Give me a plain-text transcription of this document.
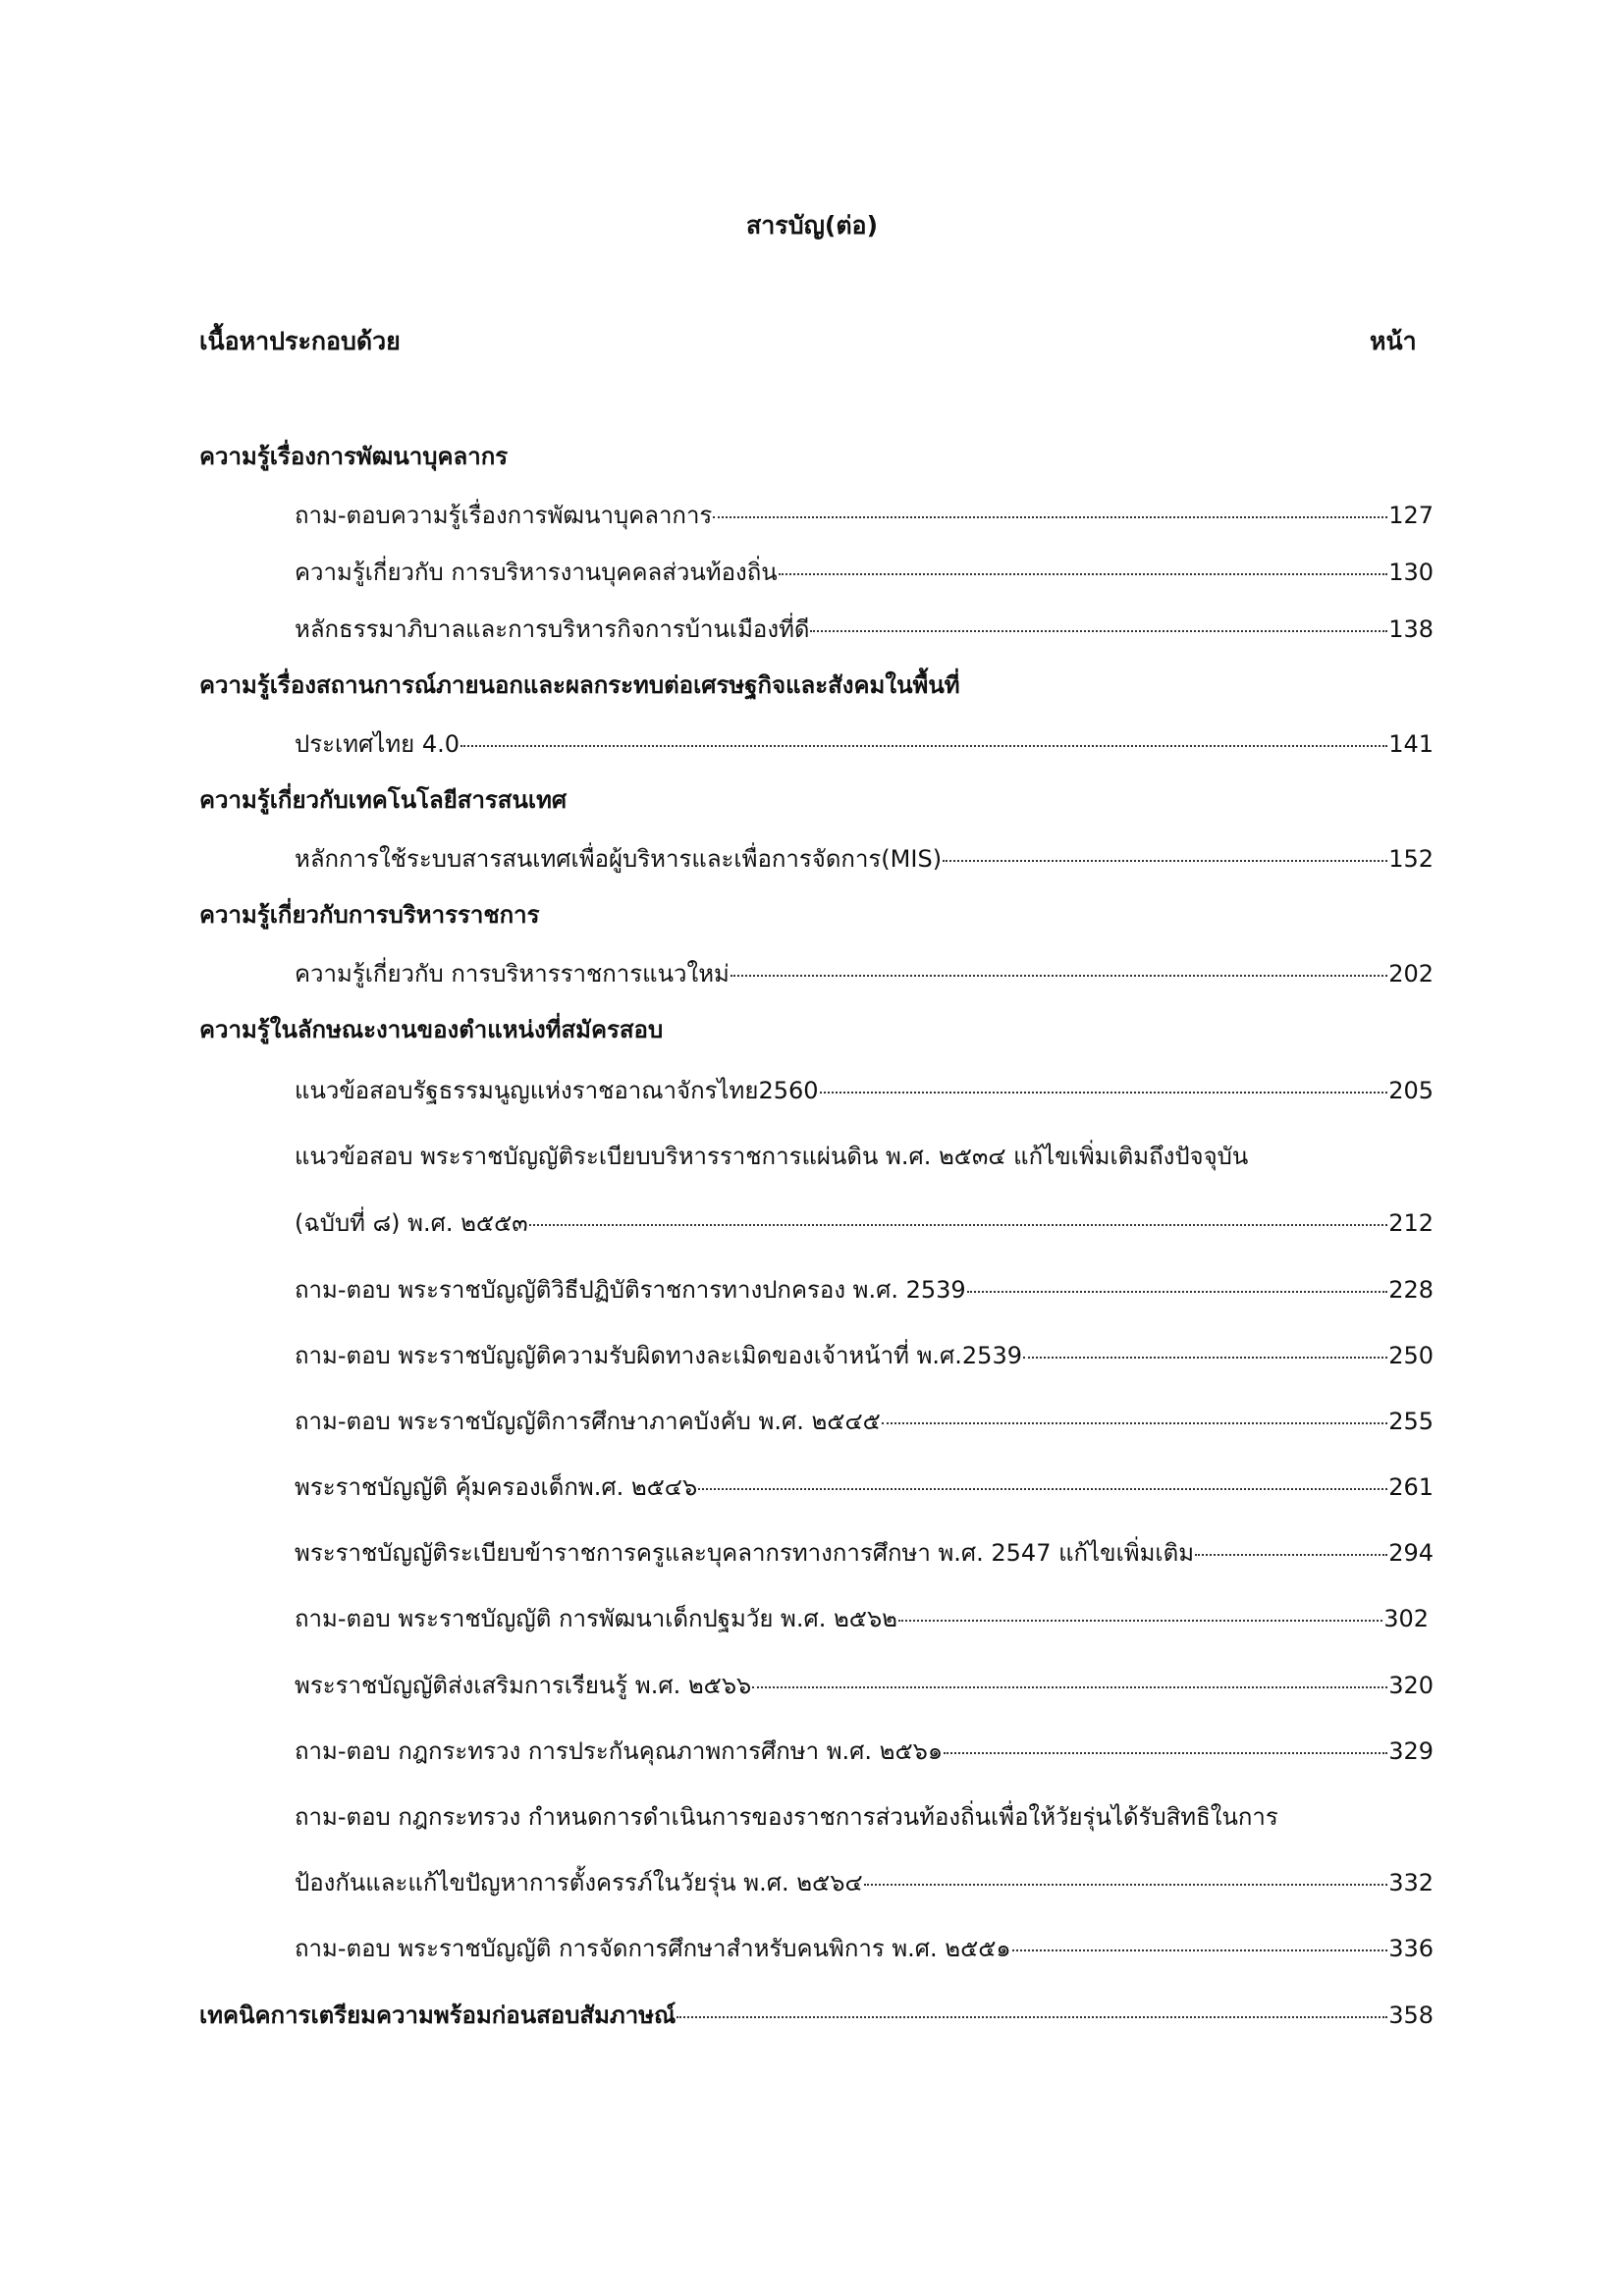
สารบัญ(ต่อ)
เนื้อหาประกอบด้วย	หน้า
ความรู้เรื่องการพัฒนาบุคลากร
ถาม-ตอบความรู้เรื่องการพัฒนาบุคลาการ	127
ความรู้เกี่ยวกับ การบริหารงานบุคคลส่วนท้องถิ่น	130
หลักธรรมาภิบาลและการบริหารกิจการบ้านเมืองที่ดี	138
ความรู้เรื่องสถานการณ์ภายนอกและผลกระทบต่อเศรษฐกิจและสังคมในพื้นที่
ประเทศไทย 4.0	141
ความรู้เกี่ยวกับเทคโนโลยีสารสนเทศ
หลักการใช้ระบบสารสนเทศเพื่อผู้บริหารและเพื่อการจัดการ(MIS)	152
ความรู้เกี่ยวกับการบริหารราชการ
ความรู้เกี่ยวกับ การบริหารราชการแนวใหม่	202
ความรู้ในลักษณะงานของตำแหน่งที่สมัครสอบ
แนวข้อสอบรัฐธรรมนูญแห่งราชอาณาจักรไทย2560	205
แนวข้อสอบ พระราชบัญญัติระเบียบบริหารราชการแผ่นดิน พ.ศ. ๒๕๓๔ แก้ไขเพิ่มเติมถึงปัจจุบัน
(ฉบับที่ ๘) พ.ศ. ๒๕๕๓	212
ถาม-ตอบ พระราชบัญญัติวิธีปฏิบัติราชการทางปกครอง พ.ศ. 2539	228
ถาม-ตอบ พระราชบัญญัติความรับผิดทางละเมิดของเจ้าหน้าที่ พ.ศ.2539	250
ถาม-ตอบ พระราชบัญญัติการศึกษาภาคบังคับ พ.ศ. ๒๕๔๕	255
พระราชบัญญัติ คุ้มครองเด็กพ.ศ. ๒๕๔๖	261
พระราชบัญญัติระเบียบข้าราชการครูและบุคลากรทางการศึกษา พ.ศ. 2547 แก้ไขเพิ่มเติม	294
ถาม-ตอบ พระราชบัญญัติ การพัฒนาเด็กปฐมวัย พ.ศ. ๒๕๖๒	302
พระราชบัญญัติส่งเสริมการเรียนรู้ พ.ศ. ๒๕๖๖	320
ถาม-ตอบ กฎกระทรวง การประกันคุณภาพการศึกษา พ.ศ. ๒๕๖๑	329
ถาม-ตอบ กฎกระทรวง กำหนดการดำเนินการของราชการส่วนท้องถิ่นเพื่อให้วัยรุ่นได้รับสิทธิในการ
ป้องกันและแก้ไขปัญหาการตั้งครรภ์ในวัยรุ่น พ.ศ. ๒๕๖๔	332
ถาม-ตอบ พระราชบัญญัติ การจัดการศึกษาสำหรับคนพิการ พ.ศ. ๒๕๕๑	336
เทคนิคการเตรียมความพร้อมก่อนสอบสัมภาษณ์	358
